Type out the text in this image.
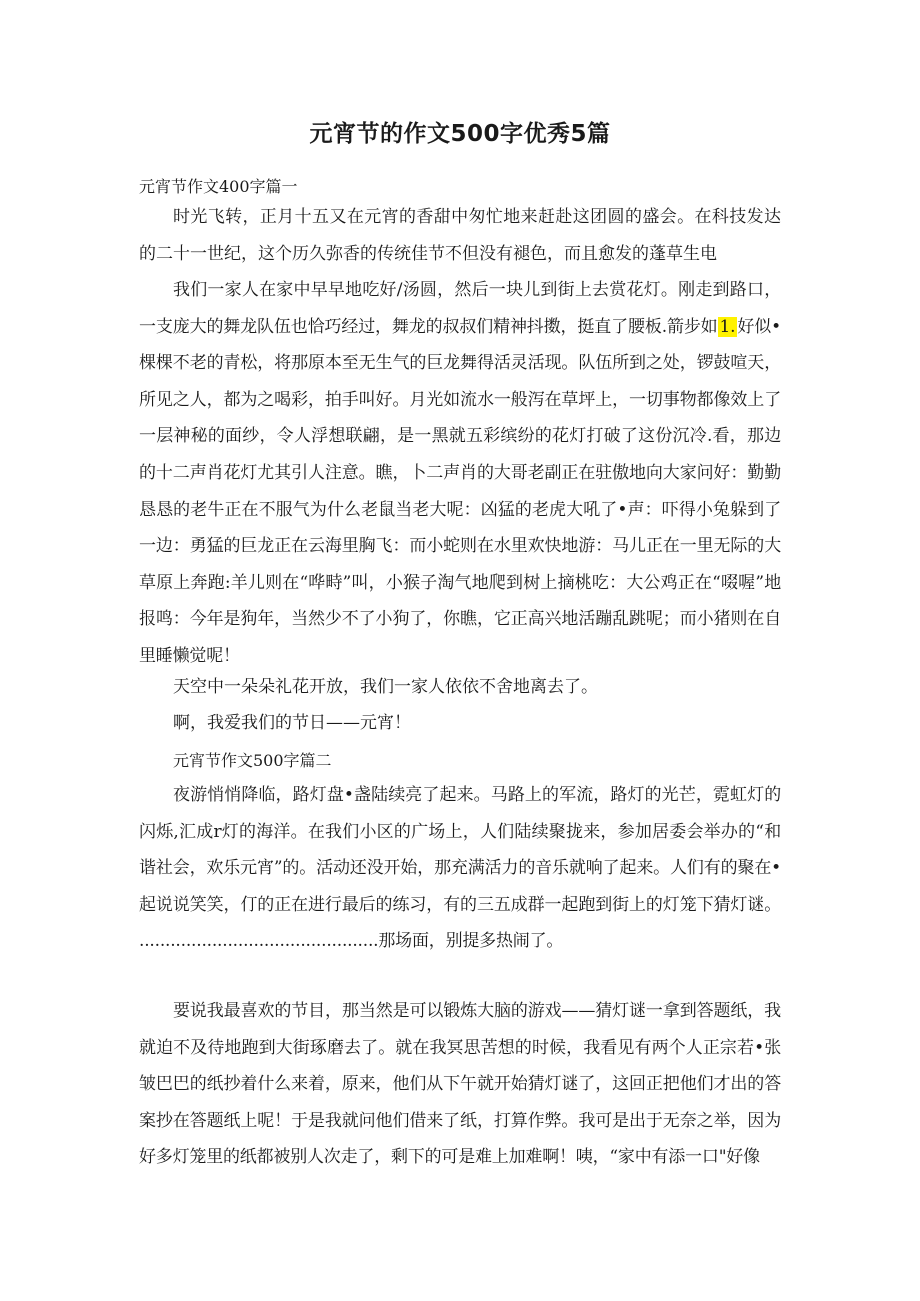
元宵节的作文500字优秀5篇
元宵节作文400字篇一

时光飞转，正月十五又在元宵的香甜中匆忙地来赶赴这团圆的盛会。在科技发达的二十一世纪，这个历久弥香的传统佳节不但没有褪色，而且愈发的蓬草生电

我们一家人在家中早早地吃好/汤圆，然后一块儿到街上去赏花灯。刚走到路口，一支庞大的舞龙队伍也恰巧经过，舞龙的叔叔们精神抖擞，挺直了腰板.箭步如 1. 好似•棵棵不老的青松，将那原本至无生气的巨龙舞得活灵活现。队伍所到之处，锣鼓喧天，所见之人，都为之喝彩，拍手叫好。月光如流水一般泻在草坪上，一切事物都像效上了一层神秘的面纱，令人浮想联翩，是一黑就五彩缤纷的花灯打破了这份沉冷.看，那边的十二声肖花灯尤其引人注意。瞧，卜二声肖的大哥老副正在驻傲地向大家问好：勤勤恳恳的老牛正在不服气为什么老鼠当老大呢：凶猛的老虎大吼了•声：吓得小兔躲到了一边：勇猛的巨龙正在云海里胸飞：而小蛇则在水里欢快地游：马儿正在一里无际的大草原上奔跑:羊儿则在“哗畤”叫，小猴子淘气地爬到树上摘桃吃：大公鸡正在“啜喔”地报鸣：今年是狗年，当然少不了小狗了，你瞧，它正高兴地活蹦乱跳呢；而小猪则在自里睡懒觉呢！

天空中一朵朵礼花开放，我们一家人依依不舍地离去了。

啊，我爱我们的节日——元宵！

元宵节作文500字篇二

夜游悄悄降临，路灯盘•盏陆续亮了起来。马路上的军流，路灯的光芒，霓虹灯的闪烁,汇成r灯的海洋。在我们小区的广场上，人们陆续聚拢来，参加居委会举办的“和谐社会，欢乐元宵”的。活动还没开始，那充满活力的音乐就响了起来。人们有的聚在•起说说笑笑，仃的正在进行最后的练习，有的三五成群一起跑到街上的灯笼下猜灯谜。 ..............................................那场面，别提多热闹了。

要说我最喜欢的节目，那当然是可以锻炼大脑的游戏——猜灯谜一拿到答题纸，我就迫不及待地跑到大街琢磨去了。就在我冥思苦想的时候，我看见有两个人正宗若•张皱巴巴的纸抄着什么来着，原来，他们从下午就开始猜灯谜了，这回正把他们才出的答案抄在答题纸上呢！于是我就问他们借来了纸，打算作弊。我可是出于无奈之举，因为好多灯笼里的纸都被别人次走了，剩下的可是难上加难啊！咦，“家中有添一口"好像
